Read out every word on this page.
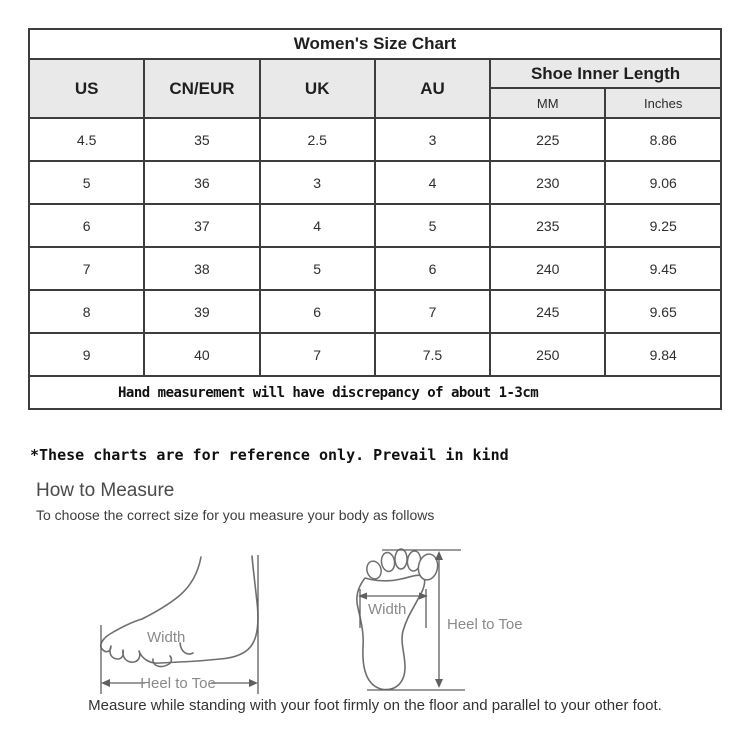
Women's Size Chart					
US	CN/EUR	UK	AU	Shoe Inner Length	
				MM	Inches
4.5	35	2.5	3	225	8.86
5	36	3	4	230	9.06
6	37	4	5	235	9.25
7	38	5	6	240	9.45
8	39	6	7	245	9.65
9	40	7	7.5	250	9.84
Hand measurement will have discrepancy of about 1-3cm					
*These charts are for reference only. Prevail in kind
How to Measure
To choose the correct size for you measure your body as follows
Width
Heel to Toe
Width
Heel to Toe
Measure while standing with your foot firmly on the floor and parallel to your other foot.
